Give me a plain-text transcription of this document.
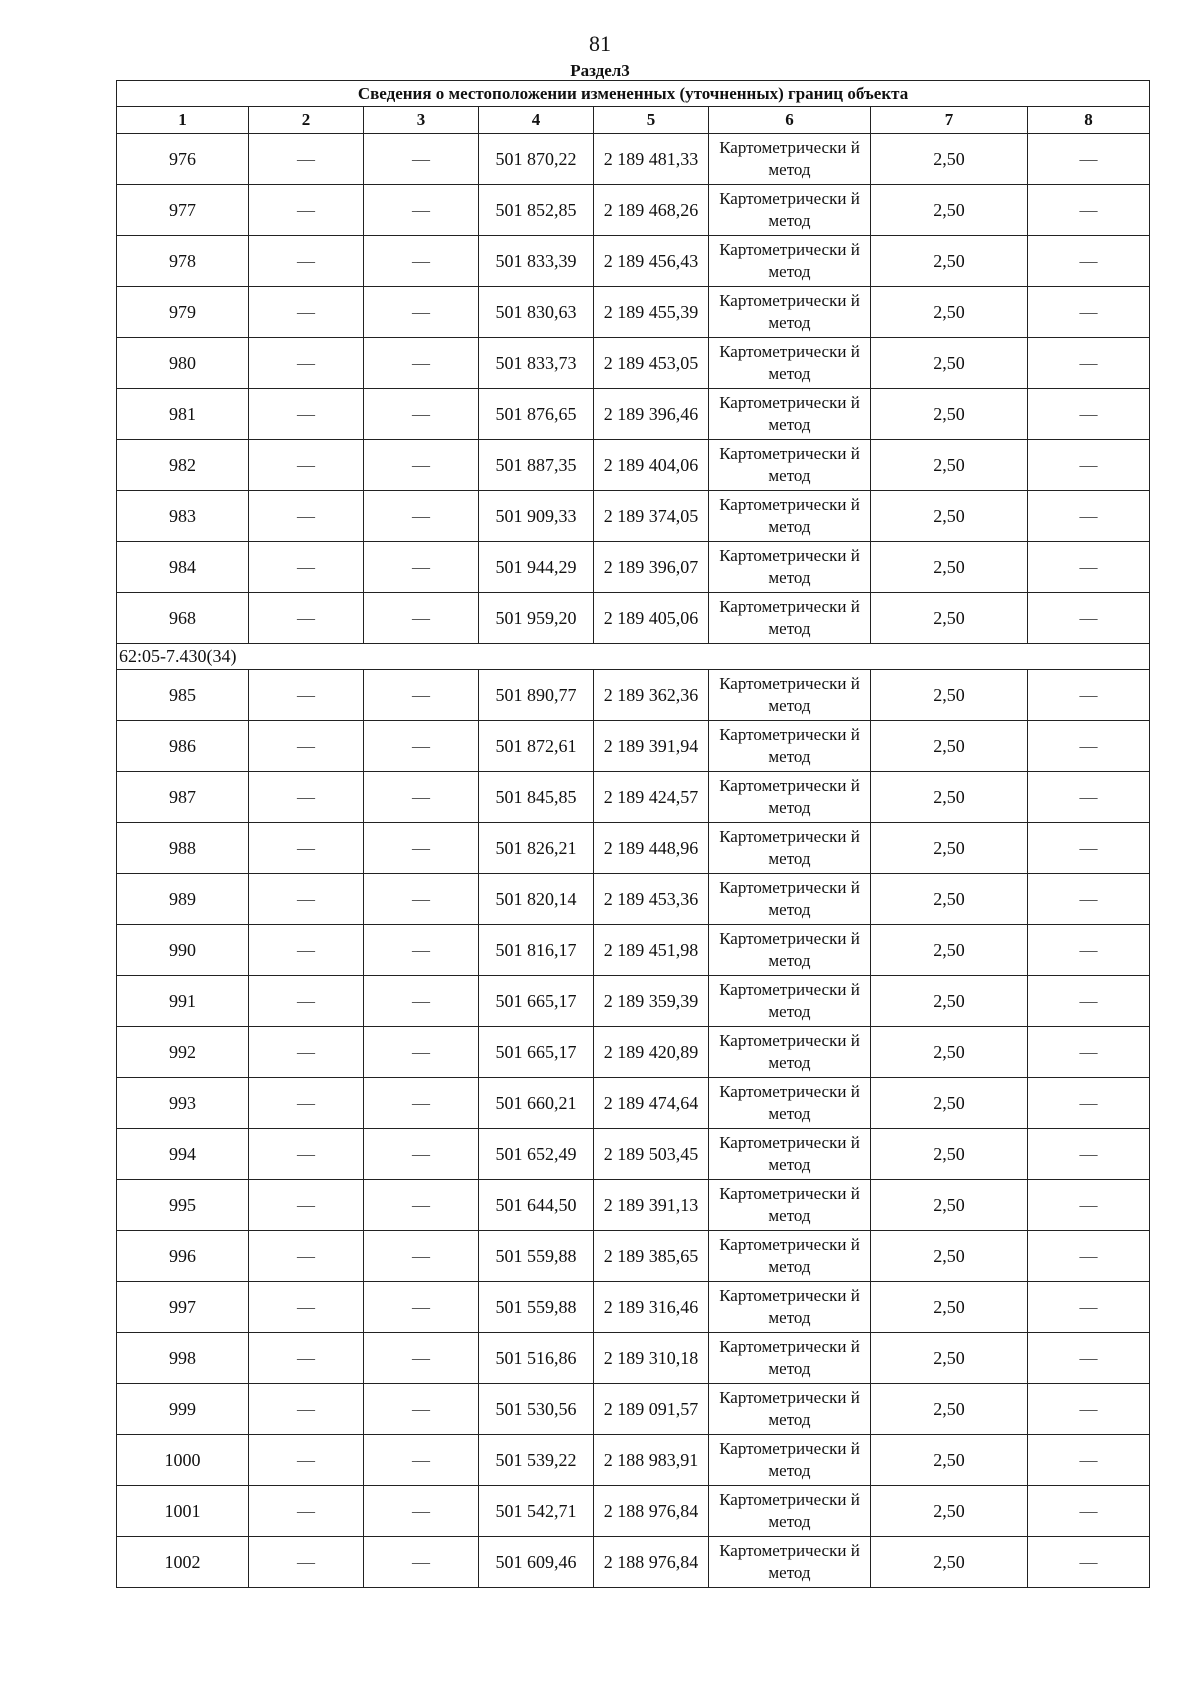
81
Раздел3
Сведения о местоположении измененных (уточненных) границ объекта							
1	2	3	4	5	6	7	8
976	—	—	501 870,22	2 189 481,33	Картометрически й метод	2,50	—
977	—	—	501 852,85	2 189 468,26	Картометрически й метод	2,50	—
978	—	—	501 833,39	2 189 456,43	Картометрически й метод	2,50	—
979	—	—	501 830,63	2 189 455,39	Картометрически й метод	2,50	—
980	—	—	501 833,73	2 189 453,05	Картометрически й метод	2,50	—
981	—	—	501 876,65	2 189 396,46	Картометрически й метод	2,50	—
982	—	—	501 887,35	2 189 404,06	Картометрически й метод	2,50	—
983	—	—	501 909,33	2 189 374,05	Картометрически й метод	2,50	—
984	—	—	501 944,29	2 189 396,07	Картометрически й метод	2,50	—
968	—	—	501 959,20	2 189 405,06	Картометрически й метод	2,50	—
62:05-7.430(34)							
985	—	—	501 890,77	2 189 362,36	Картометрически й метод	2,50	—
986	—	—	501 872,61	2 189 391,94	Картометрически й метод	2,50	—
987	—	—	501 845,85	2 189 424,57	Картометрически й метод	2,50	—
988	—	—	501 826,21	2 189 448,96	Картометрически й метод	2,50	—
989	—	—	501 820,14	2 189 453,36	Картометрически й метод	2,50	—
990	—	—	501 816,17	2 189 451,98	Картометрически й метод	2,50	—
991	—	—	501 665,17	2 189 359,39	Картометрически й метод	2,50	—
992	—	—	501 665,17	2 189 420,89	Картометрически й метод	2,50	—
993	—	—	501 660,21	2 189 474,64	Картометрически й метод	2,50	—
994	—	—	501 652,49	2 189 503,45	Картометрически й метод	2,50	—
995	—	—	501 644,50	2 189 391,13	Картометрически й метод	2,50	—
996	—	—	501 559,88	2 189 385,65	Картометрически й метод	2,50	—
997	—	—	501 559,88	2 189 316,46	Картометрически й метод	2,50	—
998	—	—	501 516,86	2 189 310,18	Картометрически й метод	2,50	—
999	—	—	501 530,56	2 189 091,57	Картометрически й метод	2,50	—
1000	—	—	501 539,22	2 188 983,91	Картометрически й метод	2,50	—
1001	—	—	501 542,71	2 188 976,84	Картометрически й метод	2,50	—
1002	—	—	501 609,46	2 188 976,84	Картометрически й метод	2,50	—
